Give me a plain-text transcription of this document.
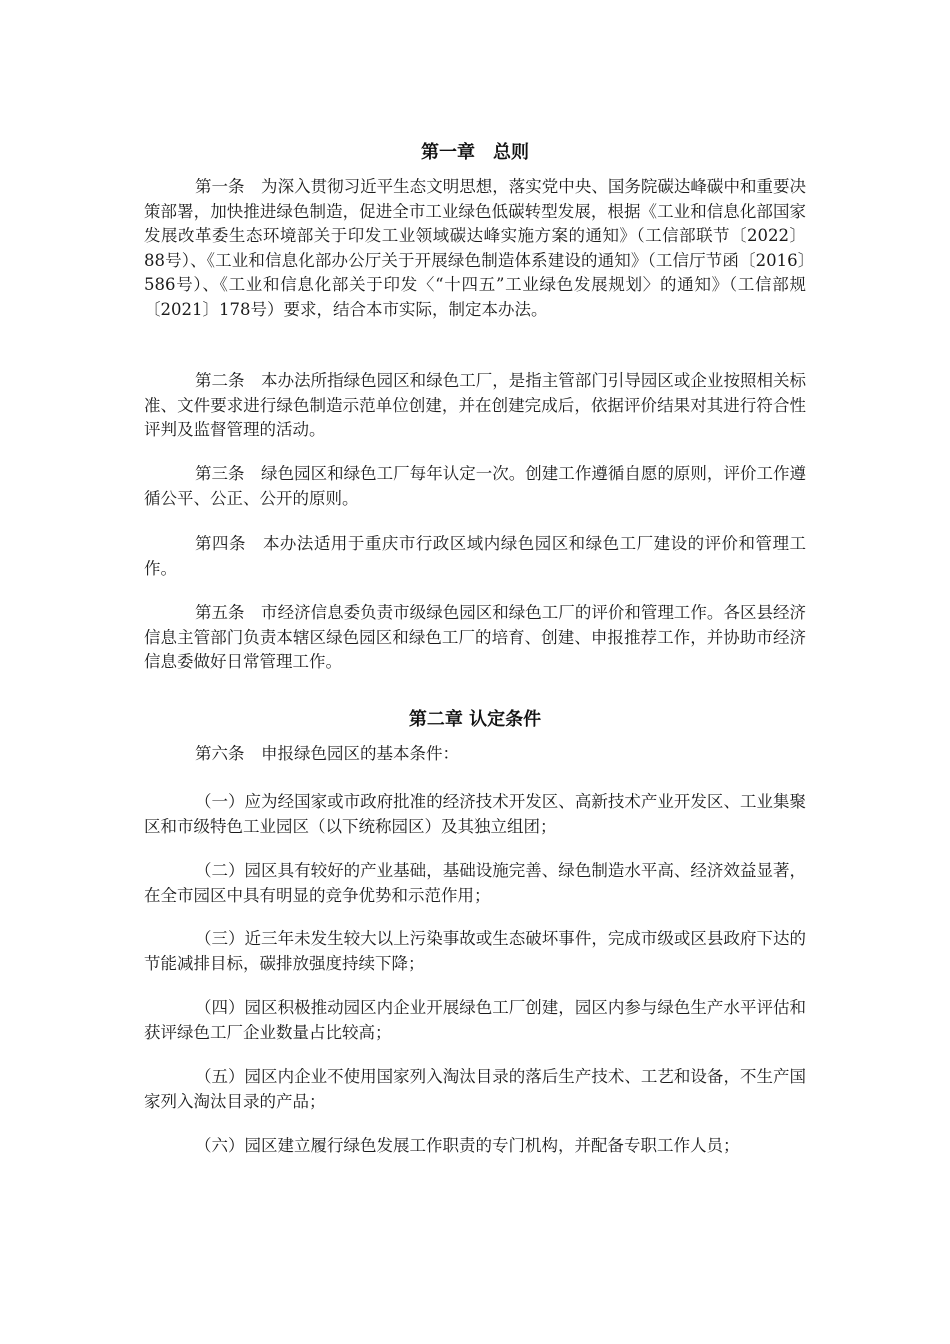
第一章　总则

第一条　为深入贯彻习近平生态文明思想，落实党中央、国务院碳达峰碳中和重要决策部署，加快推进绿色制造，促进全市工业绿色低碳转型发展，根据《工业和信息化部国家发展改革委生态环境部关于印发工业领域碳达峰实施方案的通知》（工信部联节〔2022〕88号）、《工业和信息化部办公厅关于开展绿色制造体系建设的通知》（工信厅节函〔2016〕586号）、《工业和信息化部关于印发〈“十四五”工业绿色发展规划〉的通知》（工信部规〔2021〕178号）要求，结合本市实际，制定本办法。

第二条　本办法所指绿色园区和绿色工厂，是指主管部门引导园区或企业按照相关标准、文件要求进行绿色制造示范单位创建，并在创建完成后，依据评价结果对其进行符合性评判及监督管理的活动。

第三条　绿色园区和绿色工厂每年认定一次。创建工作遵循自愿的原则，评价工作遵循公平、公正、公开的原则。

第四条　本办法适用于重庆市行政区域内绿色园区和绿色工厂建设的评价和管理工作。

第五条　市经济信息委负责市级绿色园区和绿色工厂的评价和管理工作。各区县经济信息主管部门负责本辖区绿色园区和绿色工厂的培育、创建、申报推荐工作，并协助市经济信息委做好日常管理工作。

第二章 认定条件

第六条　申报绿色园区的基本条件：

（一）应为经国家或市政府批准的经济技术开发区、高新技术产业开发区、工业集聚区和市级特色工业园区（以下统称园区）及其独立组团；

（二）园区具有较好的产业基础，基础设施完善、绿色制造水平高、经济效益显著，在全市园区中具有明显的竞争优势和示范作用；

（三）近三年未发生较大以上污染事故或生态破坏事件，完成市级或区县政府下达的节能减排目标，碳排放强度持续下降；

（四）园区积极推动园区内企业开展绿色工厂创建，园区内参与绿色生产水平评估和获评绿色工厂企业数量占比较高；

（五）园区内企业不使用国家列入淘汰目录的落后生产技术、工艺和设备，不生产国家列入淘汰目录的产品；

（六）园区建立履行绿色发展工作职责的专门机构，并配备专职工作人员；
